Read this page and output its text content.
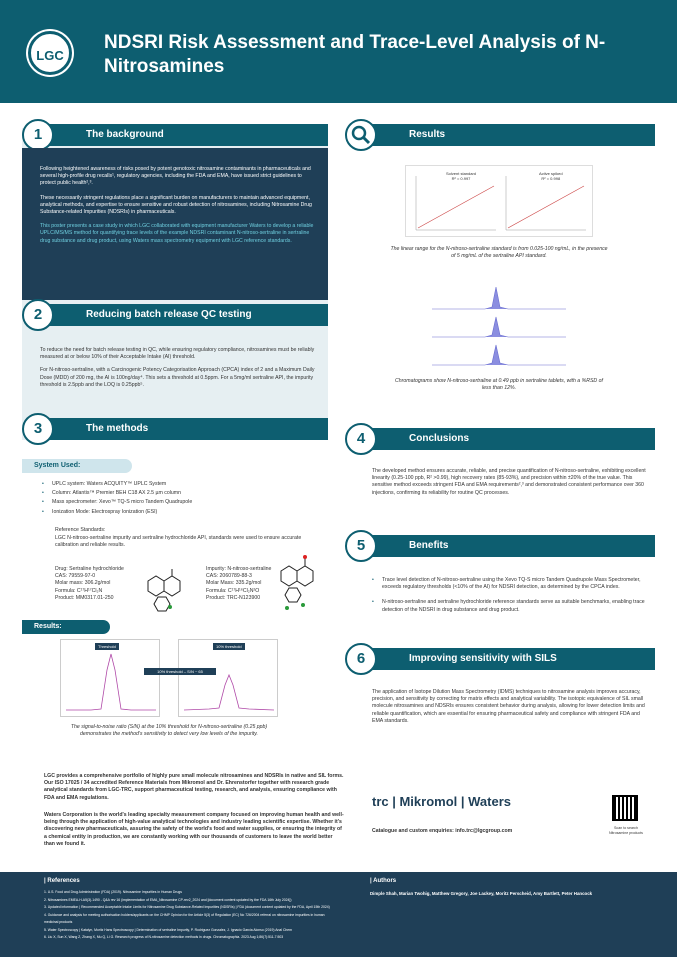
LGC
NDSRI Risk Assessment and Trace-Level Analysis of N-Nitrosamines
The background
1

Following heightened awareness of risks posed by potent genotoxic nitrosamine contaminants in pharmaceuticals and several high-profile drug recalls¹, regulatory agencies, including the FDA and EMA, have issued strict guidelines to protect public health²,³.

These necessarily stringent regulations place a significant burden on manufacturers to maintain advanced equipment, analytical methods, and expertise to ensure sensitive and robust detection of nitrosamines, including Nitrosamine Drug Substance-related Impurities (NDSRIs) in pharmaceuticals.

This poster presents a case study in which LGC collaborated with equipment manufacturer Waters to develop a reliable UPLC/MS/MS method for quantifying trace levels of the example NDSRI contaminant N-nitroso-sertraline in sertraline drug substance and drug product, using Waters mass spectrometry equipment with LGC reference standards.

Reducing batch release QC testing
2

To reduce the need for batch release testing in QC, while ensuring regulatory compliance, nitrosamines must be reliably measured at or below 10% of their Acceptable Intake (AI) threshold.

For N-nitroso-sertraline, with a Carcinogenic Potency Categorisation Approach (CPCA) index of 2 and a Maximum Daily Dose (MDD) of 200 mg, the AI is 100ng/day⁴. This sets a threshold at 0.5ppm. For a 5mg/ml sertraline API, the impurity threshold is 2.5ppb and the LOQ is 0.25ppb⁵.

The methods
3
System Used:
• UPLC system: Waters ACQUITY™ UPLC System
• Column: Atlantis™ Premier BEH C18 AX 2.5 µm column
• Mass spectrometer: Xevo™ TQ-S micro Tandem Quadrupole
• Ionization Mode: Electrospray Ionization (ESI)

Reference Standards:

LGC N-nitroso-sertraline impurity and sertraline hydrochloride API, standards were used to ensure accurate calibration and reliable results.

Drug: Sertraline hydrochloride
CAS: 79559-97-0
Molar mass: 306.2g/mol
Formula: C¹⁷H¹⁷Cl₂N
Product: MM0317.01-250
Impurity: N-nitroso-sertraline
CAS: 2060789-88-3
Molar Mass: 335.2g/mol
Formula: C¹⁷H¹⁶Cl₂N²O
Product: TRC-N123900
Results:
Threshold	10% threshold
10% threshold – S/N ~ 65
The signal-to-noise ratio (S/N) at the 10% threshold for N-nitroso-sertraline (0.25 ppb) demonstrates the method's sensitivity to detect very low levels of the impurity.
Results
Solvent standard
R² = 0.997
Active spiked
R² = 0.998
The linear range for the N-nitroso-sertraline standard is from 0.025-100 ng/mL, in the presence of 5 mg/mL of the sertraline API standard.
Chromatograms show N-nitroso-sertraline at 0.49 ppb in sertraline tablets, with a %RSD of less than 12%.
Conclusions
4
The developed method ensures accurate, reliable, and precise quantification of N-nitroso-sertraline, exhibiting excellent linearity (0.25-100 ppb, R² >0.99), high recovery rates (85-93%), and precision within ±20% of the true value. This sensitive method exceeds stringent FDA and EMA requirements²,³ and demonstrated consistent performance over 360 injections, confirming its reliability for routine QC processes.
Benefits
5
• Trace level detection of N-nitroso-sertraline using the Xevo TQ-S micro Tandem Quadrupole Mass Spectrometer, exceeds regulatory thresholds (<10% of the AI) for NDSRI detection, as determined by the CPCA index.
• N-nitroso-sertraline and sertraline hydrochloride reference standards serve as suitable benchmarks, enabling trace detection of the NDSRI in drug substance and drug product.
Improving sensitivity with SILS
6
The application of Isotope Dilution Mass Spectrometry (IDMS) techniques to nitrosamine analysis improves accuracy, precision, and sensitivity by correcting for matrix effects and analytical variability. The isotopic equivalence of SIL small molecule nitrosamines and NDSRIs ensures consistent behavior during analysis, allowing for lower detection limits and reliable quantification, which are essential for ensuring pharmaceutical safety and compliance with stringent FDA and EMA standards.
LGC provides a comprehensive portfolio of highly pure small molecule nitrosamines and NDSRIs in native and SIL forms. Our ISO 17025 / 34 accredited Reference Materials from Mikromol and Dr. Ehrenstorfer together with research grade analytical standards from LGC-TRC, support pharmaceutical testing, research, and analysis, ensuring compliance with FDA and EMA regulations.
Waters Corporation is the world's leading specialty measurement company focused on improving human health and well-being through the application of high-value analytical technologies and industry leading scientific expertise. Whether it's discovering new pharmaceuticals, assuring the safety of the world's food and water supplies, or ensuring the integrity of a chemical entity in production, we are constantly working with our thousands of customers to leave the world better than we found it.
trc | Mikromol | Waters
Catalogue and custom enquiries: info.trc@lgcgroup.com	Scan to search Nitrosamine products
| References
1. U.S. Food and Drug Administration (FDA) (2019). Nitrosamine Impurities in Human Drugs
2. Nitrosamines EMEA-H-A5(3)-1490 - Q&A rev 16 (implementation of EMA_Nitrosamine CP-rev2_2024 and [document content updated by the FDA 16th July 2024])
3. Updated information | Recommended Acceptable Intake Limits for Nitrosamine Drug Substance-Related Impurities (NDSRIs) | FDA (document content updated by the FDA, April 15th 2024)
4. Guidance and analysis for meeting authorisation holders/applicants on the CHMP Opinion for the Article 5(3) of Regulation (EC) No 726/2004 referral on nitrosamine impurities in human medicinal products
5. Water Spectroscopy | Katalyn, Moritz Hans Spectroscopy | Determination of sertraline Impurity, P. Rodriguez Gonzalez, J. Ignacio Garcia Alonso (2019) Anal Chem
6. Liu X, Sun X, Wang Z, Zhang X, Mu Q, Li G. Research progress of N-nitrosamine detection methods in drugs. Chromatographia. 2023 Aug 1;86(7):511-7:503
| Authors
Dimple Shah, Marian Twohig, Matthew Gregory, Joe Lackey, Moritz Perscheid, Amy Bartlett, Peter Hancock
